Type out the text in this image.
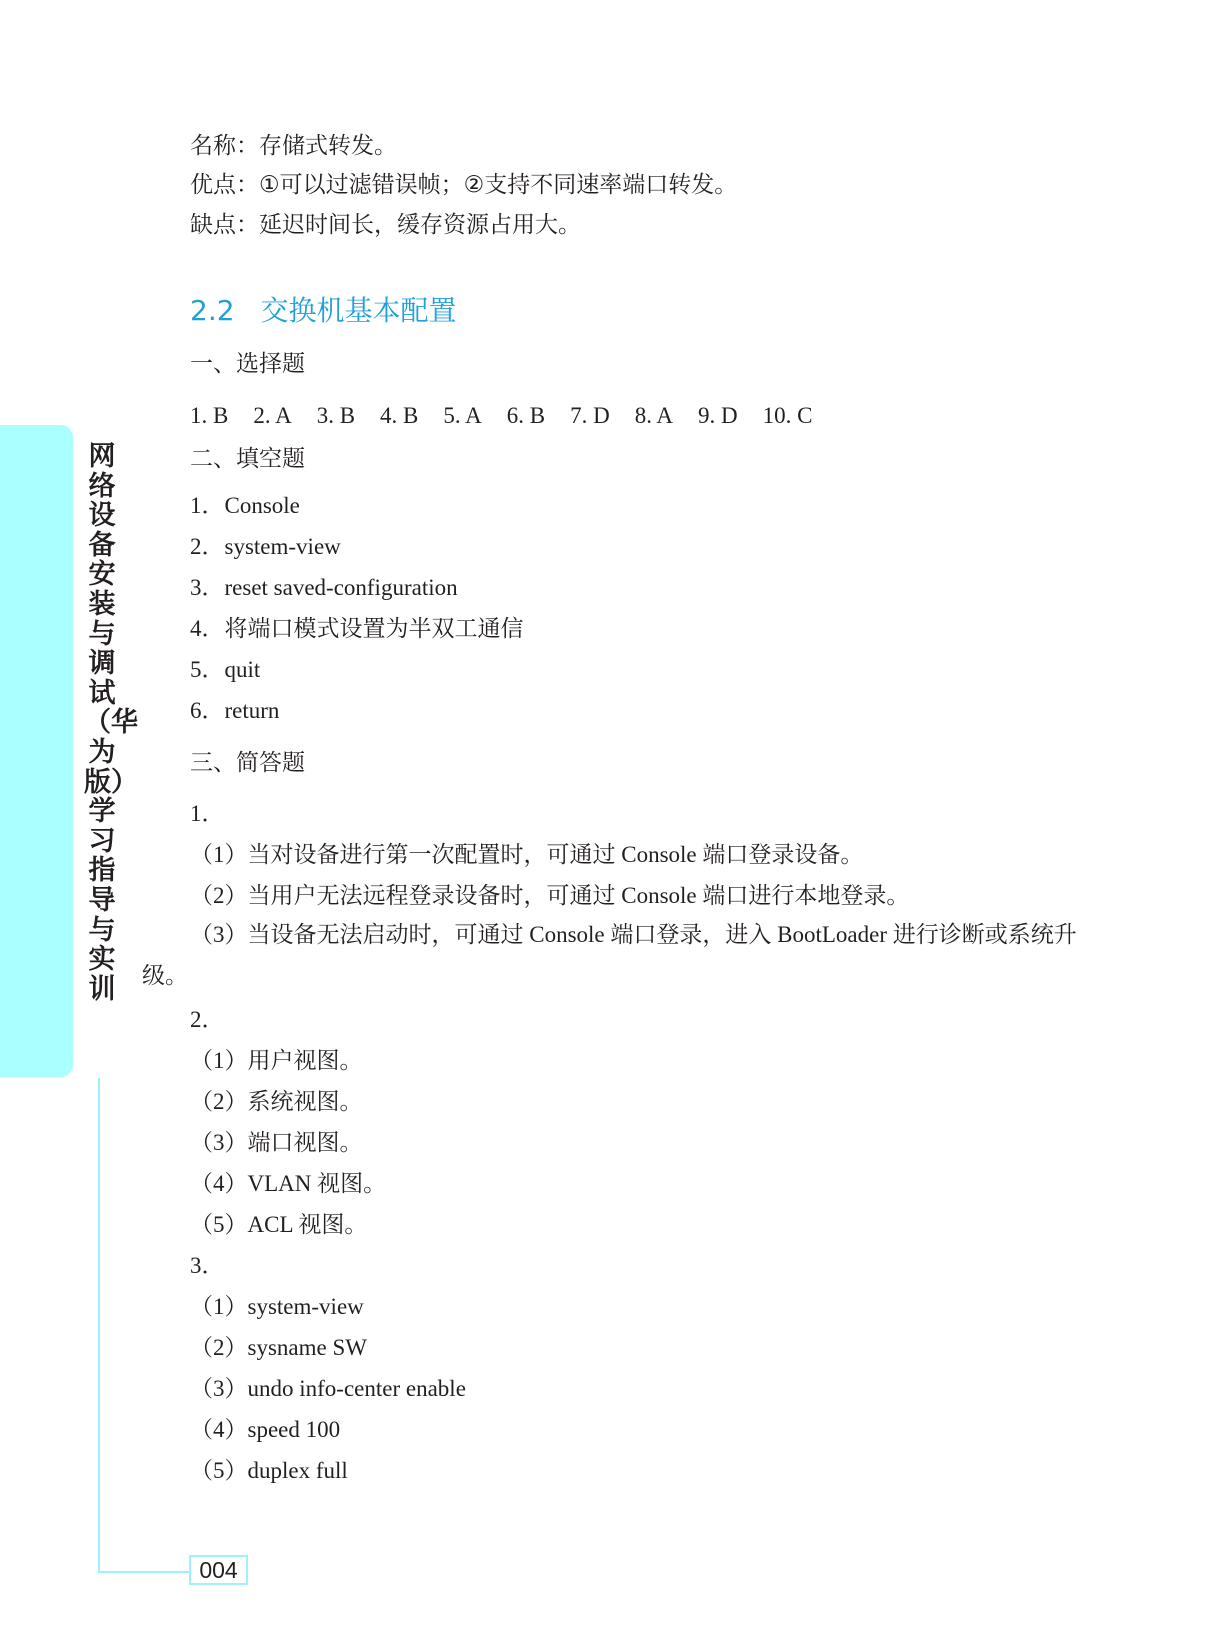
网络设备安装与调试（华为版）学习指导与实训
004
名称：存储式转发。
优点：①可以过滤错误帧；②支持不同速率端口转发。
缺点：延迟时间长，缓存资源占用大。
2.2 交换机基本配置
一、选择题
1. B 2. A 3. B 4. B 5. A 6. B 7. D 8. A 9. D 10. C
二、填空题
1．Console
2．system-view
3．reset saved-configuration
4．将端口模式设置为半双工通信
5．quit
6．return
三、简答题
1．
（1）当对设备进行第一次配置时，可通过 Console 端口登录设备。
（2）当用户无法远程登录设备时，可通过 Console 端口进行本地登录。
（3）当设备无法启动时，可通过 Console 端口登录，进入 BootLoader 进行诊断或系统升级。
2．
（1）用户视图。
（2）系统视图。
（3）端口视图。
（4）VLAN 视图。
（5）ACL 视图。
3．
（1）system-view
（2）sysname SW
（3）undo info-center enable
（4）speed 100
（5）duplex full
